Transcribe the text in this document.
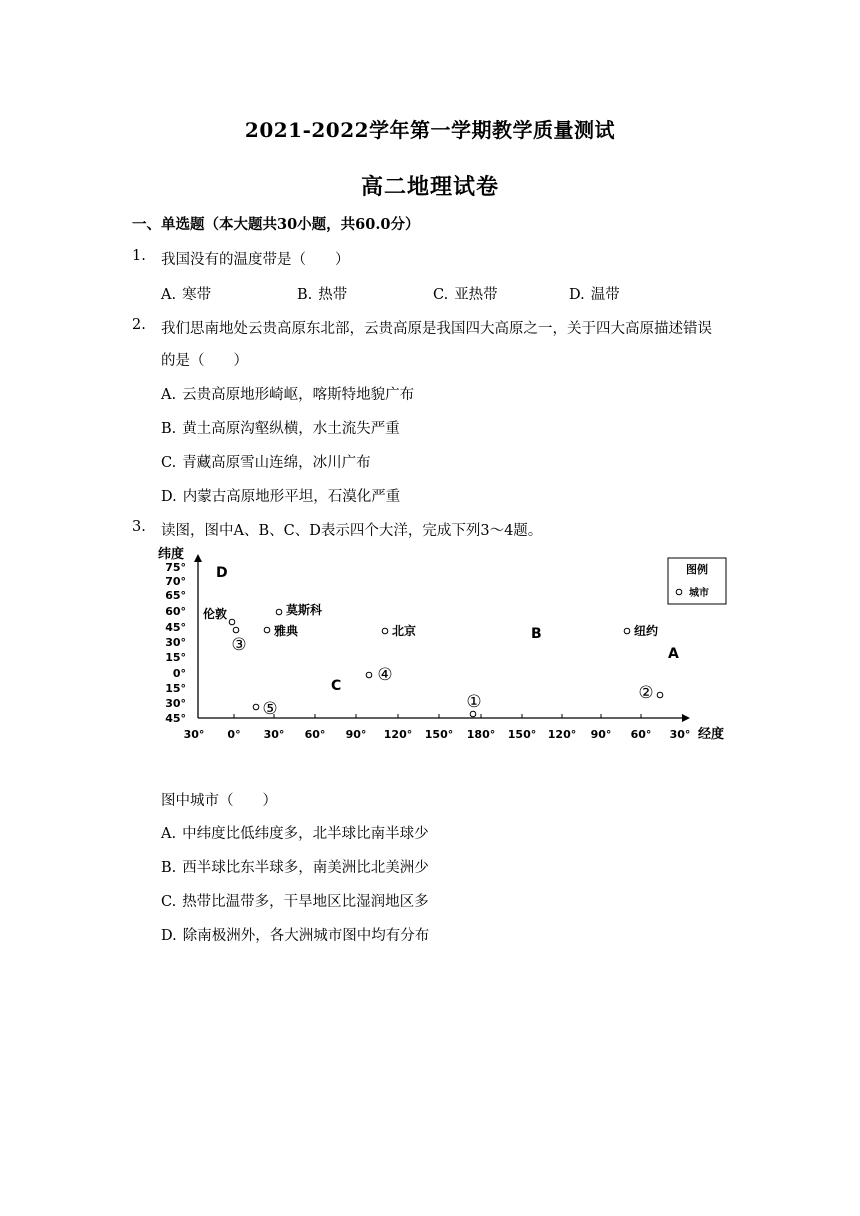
2021-2022学年第一学期教学质量测试
高二地理试卷
一、单选题（本大题共30小题，共60.0分）
1. 我国没有的温度带是（　　）
A. 寒带	B. 热带	C. 亚热带	D. 温带
2. 我们思南地处云贵高原东北部，云贵高原是我国四大高原之一，关于四大高原描述错误
的是（　　）
A. 云贵高原地形崎岖，喀斯特地貌广布
B. 黄土高原沟壑纵横，水土流失严重
C. 青藏高原雪山连绵，冰川广布
D. 内蒙古高原地形平坦，石漠化严重
3. 读图，图中A、B、C、D表示四个大洋，完成下列3～4题。
纬度
经度
75°
70°
65°
60°
45°
30°
15°
0°
15°
30°
45°
30° 0° 30° 60° 90° 120° 150° 180° 150° 120° 90° 60° 30°
D
B
A
C
伦敦	莫斯科
雅典	北京	纽约
①	②
③
④
⑤
图例
城市
图中城市（　　）
A. 中纬度比低纬度多，北半球比南半球少
B. 西半球比东半球多，南美洲比北美洲少
C. 热带比温带多，干旱地区比湿润地区多
D. 除南极洲外，各大洲城市图中均有分布
